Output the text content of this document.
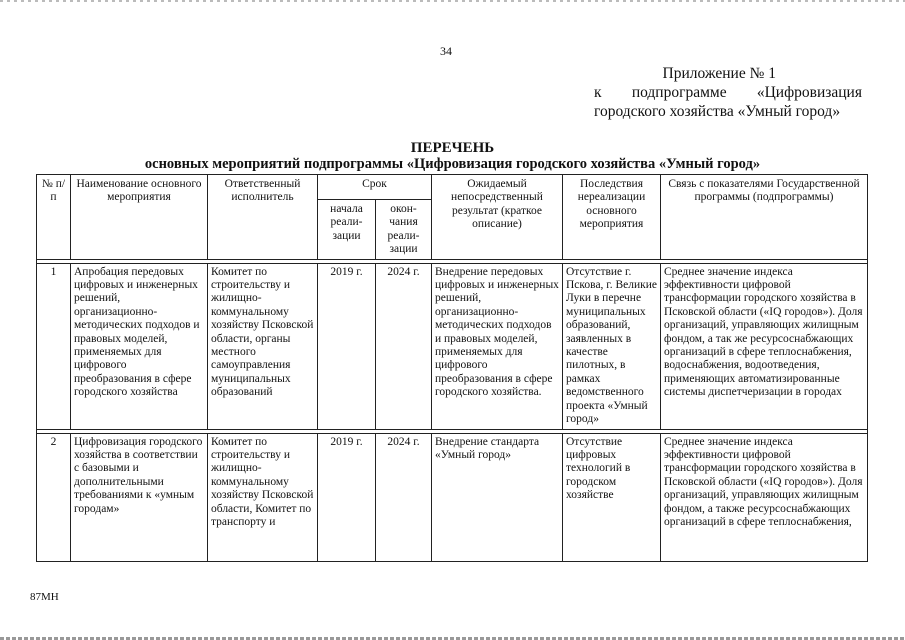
34
Приложение № 1
к подпрограмме «Цифровизация
городского хозяйства «Умный город»
ПЕРЕЧЕНЬ
основных мероприятий подпрограммы «Цифровизация городского хозяйства «Умный город»
№ п/п	Наименование основного мероприятия	Ответственный исполнитель	Срок		Ожидаемый непосредственный результат (краткое описание)	Последствия нереализации основного мероприятия	Связь с показателями Государственной программы (подпрограммы)
			начала реали-зации	окон-чания реали-зации			

1	Апробация передовых цифровых и инженерных решений, организационно-методических подходов и правовых моделей, применяемых для цифрового преобразования в сфере городского хозяйства	Комитет по строительству и жилищно-коммунальному хозяйству Псковской области, органы местного самоуправления муниципальных образований	2019 г.	2024 г.	Внедрение передовых цифровых и инженерных решений, организационно-методических подходов и правовых моделей, применяемых для цифрового преобразования в сфере городского хозяйства.	Отсутствие г. Пскова, г. Великие Луки в перечне муниципальных образований, заявленных в качестве пилотных, в рамках ведомственного проекта «Умный город»	Среднее значение индекса эффективности цифровой трансформации городского хозяйства в Псковской области («IQ городов»). Доля организаций, управляющих жилищным фондом, а так же ресурсоснабжающих организаций в сфере теплоснабжения, водоснабжения, водоотведения, применяющих автоматизированные системы диспетчеризации в городах

2	Цифровизация городского хозяйства в соответствии с базовыми и дополнительными требованиями к «умным городам»	Комитет по строительству и жилищно-коммунальному хозяйству Псковской области, Комитет по транспорту и	2019 г.	2024 г.	Внедрение стандарта «Умный город»	Отсутствие цифровых технологий в городском хозяйстве	Среднее значение индекса эффективности цифровой трансформации городского хозяйства в Псковской области («IQ городов»). Доля организаций, управляющих жилищным фондом, а также ресурсоснабжающих организаций в сфере теплоснабжения,
87МН
